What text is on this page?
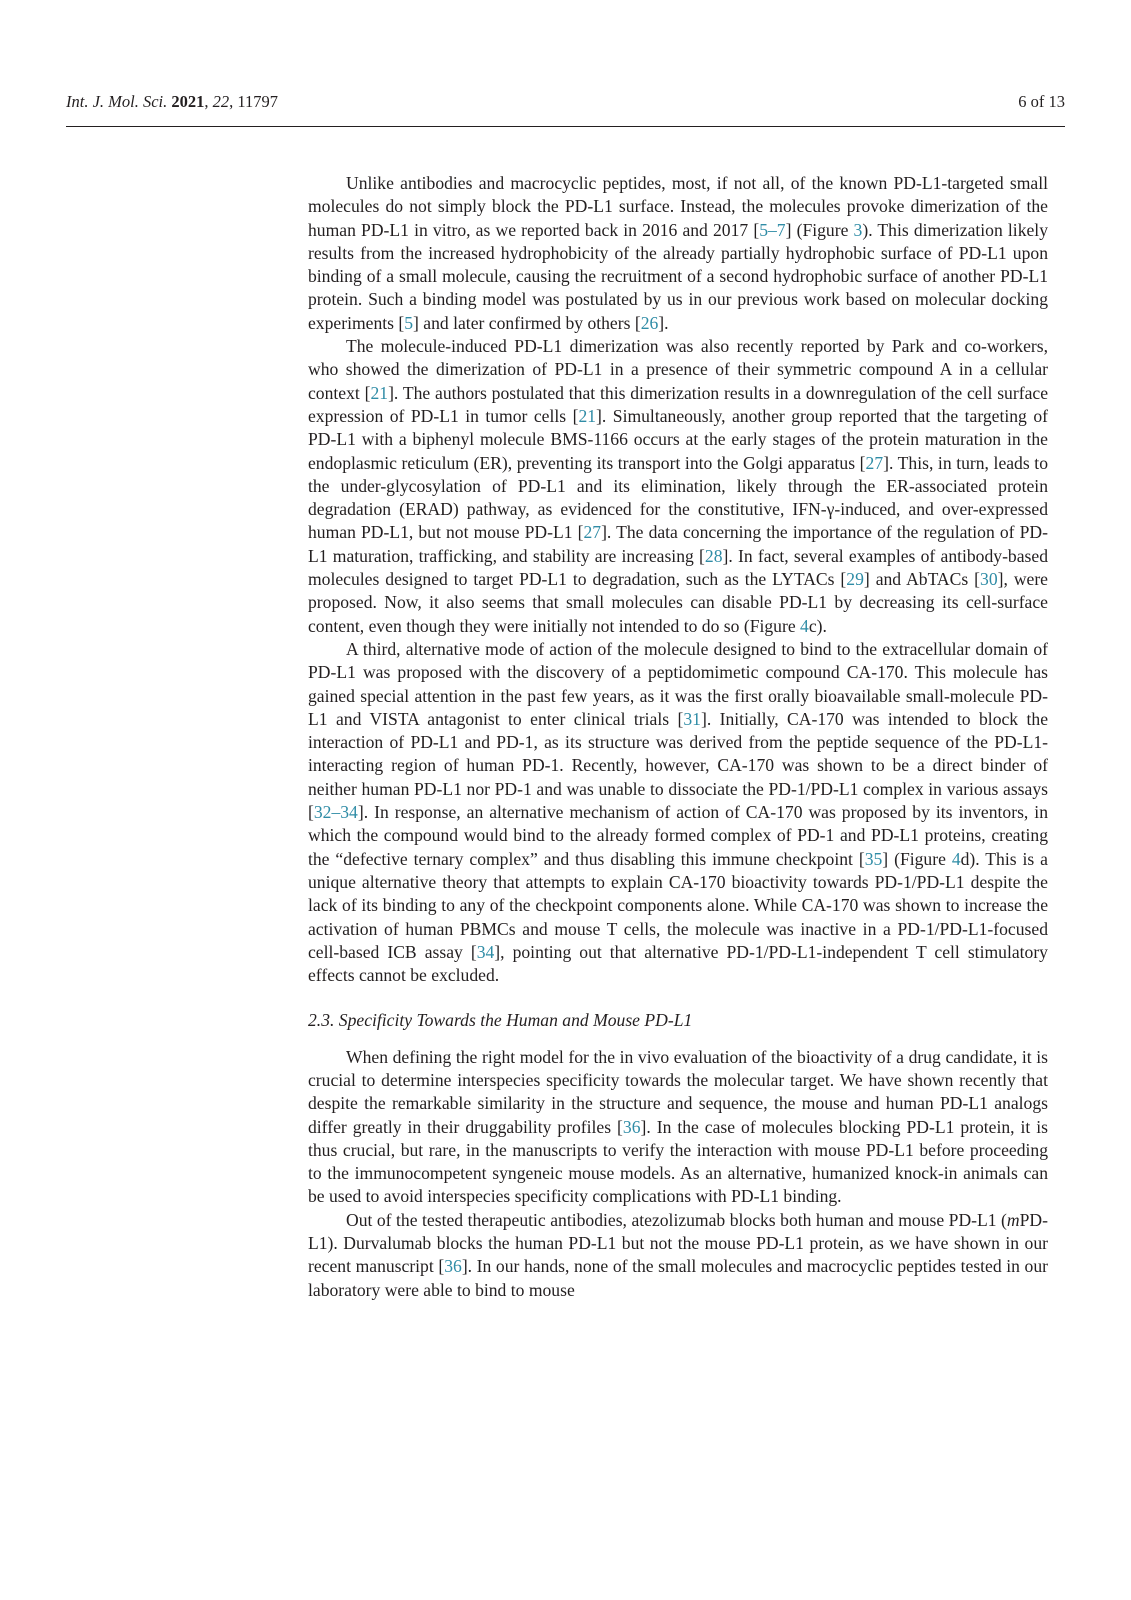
Int. J. Mol. Sci. 2021, 22, 11797	6 of 13

Unlike antibodies and macrocyclic peptides, most, if not all, of the known PD-L1-targeted small molecules do not simply block the PD-L1 surface. Instead, the molecules provoke dimerization of the human PD-L1 in vitro, as we reported back in 2016 and 2017 [5–7] (Figure 3). This dimerization likely results from the increased hydrophobicity of the already partially hydrophobic surface of PD-L1 upon binding of a small molecule, causing the recruitment of a second hydrophobic surface of another PD-L1 protein. Such a binding model was postulated by us in our previous work based on molecular docking experiments [5] and later confirmed by others [26].

The molecule-induced PD-L1 dimerization was also recently reported by Park and co-workers, who showed the dimerization of PD-L1 in a presence of their symmetric compound A in a cellular context [21]. The authors postulated that this dimerization results in a downregulation of the cell surface expression of PD-L1 in tumor cells [21]. Simultaneously, another group reported that the targeting of PD-L1 with a biphenyl molecule BMS-1166 occurs at the early stages of the protein maturation in the endoplasmic reticulum (ER), preventing its transport into the Golgi apparatus [27]. This, in turn, leads to the under-glycosylation of PD-L1 and its elimination, likely through the ER-associated protein degradation (ERAD) pathway, as evidenced for the constitutive, IFN-γ-induced, and over-expressed human PD-L1, but not mouse PD-L1 [27]. The data concerning the importance of the regulation of PD-L1 maturation, trafficking, and stability are increasing [28]. In fact, several examples of antibody-based molecules designed to target PD-L1 to degradation, such as the LYTACs [29] and AbTACs [30], were proposed. Now, it also seems that small molecules can disable PD-L1 by decreasing its cell-surface content, even though they were initially not intended to do so (Figure 4c).

A third, alternative mode of action of the molecule designed to bind to the extracellular domain of PD-L1 was proposed with the discovery of a peptidomimetic compound CA-170. This molecule has gained special attention in the past few years, as it was the first orally bioavailable small-molecule PD-L1 and VISTA antagonist to enter clinical trials [31]. Initially, CA-170 was intended to block the interaction of PD-L1 and PD-1, as its structure was derived from the peptide sequence of the PD-L1-interacting region of human PD-1. Recently, however, CA-170 was shown to be a direct binder of neither human PD-L1 nor PD-1 and was unable to dissociate the PD-1/PD-L1 complex in various assays [32–34]. In response, an alternative mechanism of action of CA-170 was proposed by its inventors, in which the compound would bind to the already formed complex of PD-1 and PD-L1 proteins, creating the “defective ternary complex” and thus disabling this immune checkpoint [35] (Figure 4d). This is a unique alternative theory that attempts to explain CA-170 bioactivity towards PD-1/PD-L1 despite the lack of its binding to any of the checkpoint components alone. While CA-170 was shown to increase the activation of human PBMCs and mouse T cells, the molecule was inactive in a PD-1/PD-L1-focused cell-based ICB assay [34], pointing out that alternative PD-1/PD-L1-independent T cell stimulatory effects cannot be excluded.

2.3. Specificity Towards the Human and Mouse PD-L1

When defining the right model for the in vivo evaluation of the bioactivity of a drug candidate, it is crucial to determine interspecies specificity towards the molecular target. We have shown recently that despite the remarkable similarity in the structure and sequence, the mouse and human PD-L1 analogs differ greatly in their druggability profiles [36]. In the case of molecules blocking PD-L1 protein, it is thus crucial, but rare, in the manuscripts to verify the interaction with mouse PD-L1 before proceeding to the immunocompetent syngeneic mouse models. As an alternative, humanized knock-in animals can be used to avoid interspecies specificity complications with PD-L1 binding.

Out of the tested therapeutic antibodies, atezolizumab blocks both human and mouse PD-L1 (mPD-L1). Durvalumab blocks the human PD-L1 but not the mouse PD-L1 protein, as we have shown in our recent manuscript [36]. In our hands, none of the small molecules and macrocyclic peptides tested in our laboratory were able to bind to mouse
